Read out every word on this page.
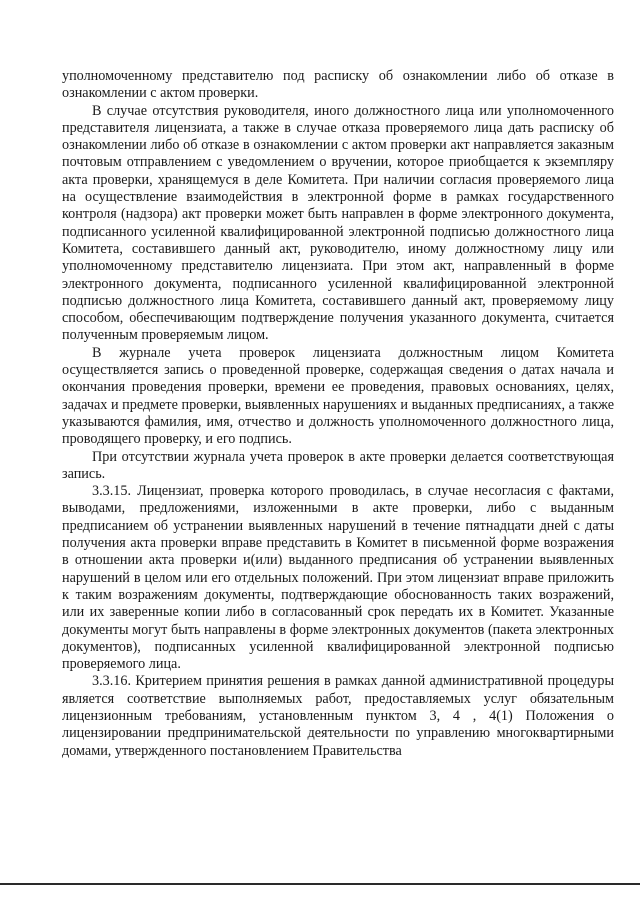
уполномоченному представителю под расписку об ознакомлении либо об отказе в ознакомлении с актом проверки.

В случае отсутствия руководителя, иного должностного лица или уполномоченного представителя лицензиата, а также в случае отказа проверяемого лица дать расписку об ознакомлении либо об отказе в ознакомлении с актом проверки акт направляется заказным почтовым отправлением с уведомлением о вручении, которое приобщается к экземпляру акта проверки, хранящемуся в деле Комитета. При наличии согласия проверяемого лица на осуществление взаимодействия в электронной форме в рамках государственного контроля (надзора) акт проверки может быть направлен в форме электронного документа, подписанного усиленной квалифицированной электронной подписью должностного лица Комитета, составившего данный акт, руководителю, иному должностному лицу или уполномоченному представителю лицензиата. При этом акт, направленный в форме электронного документа, подписанного усиленной квалифицированной электронной подписью должностного лица Комитета, составившего данный акт, проверяемому лицу способом, обеспечивающим подтверждение получения указанного документа, считается полученным проверяемым лицом.

В журнале учета проверок лицензиата должностным лицом Комитета осуществляется запись о проведенной проверке, содержащая сведения о датах начала и окончания проведения проверки, времени ее проведения, правовых основаниях, целях, задачах и предмете проверки, выявленных нарушениях и выданных предписаниях, а также указываются фамилия, имя, отчество и должность уполномоченного должностного лица, проводящего проверку, и его подпись.

При отсутствии журнала учета проверок в акте проверки делается соответствующая запись.

3.3.15. Лицензиат, проверка которого проводилась, в случае несогласия с фактами, выводами, предложениями, изложенными в акте проверки, либо с выданным предписанием об устранении выявленных нарушений в течение пятнадцати дней с даты получения акта проверки вправе представить в Комитет в письменной форме возражения в отношении акта проверки и(или) выданного предписания об устранении выявленных нарушений в целом или его отдельных положений. При этом лицензиат вправе приложить к таким возражениям документы, подтверждающие обоснованность таких возражений, или их заверенные копии либо в согласованный срок передать их в Комитет. Указанные документы могут быть направлены в форме электронных документов (пакета электронных документов), подписанных усиленной квалифицированной электронной подписью проверяемого лица.

3.3.16. Критерием принятия решения в рамках данной административной процедуры является соответствие выполняемых работ, предоставляемых услуг обязательным лицензионным требованиям, установленным пунктом 3, 4 , 4(1) Положения о лицензировании предпринимательской деятельности по управлению многоквартирными домами, утвержденного постановлением Правительства
